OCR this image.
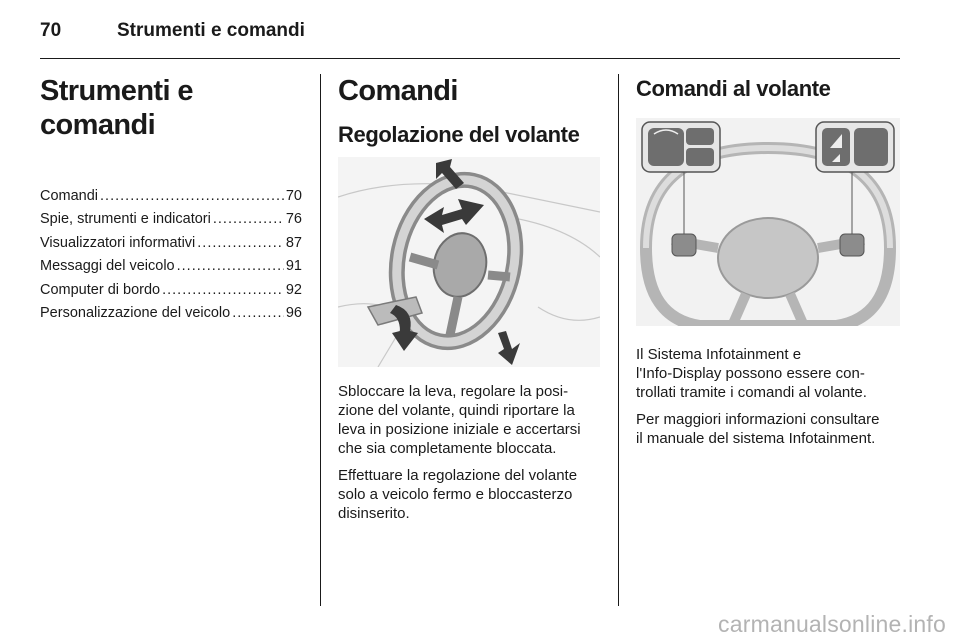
70	Strumenti e comandi
Strumenti e comandi
Comandi .....	70
Spie, strumenti e indicatori .....	76
Visualizzatori informativi .....	87
Messaggi del veicolo .....	91
Computer di bordo .....	92
Personalizzazione del veicolo .....	96
Comandi
Regolazione del volante

Sbloccare la leva, regolare la posi-
zione del volante, quindi riportare la
leva in posizione iniziale e accertarsi
che sia completamente bloccata.

Effettuare la regolazione del volante
solo a veicolo fermo e bloccasterzo
disinserito.

Comandi al volante

Il Sistema Infotainment e
l'Info-Display possono essere con-
trollati tramite i comandi al volante.

Per maggiori informazioni consultare
il manuale del sistema Infotainment.

carmanualsonline.info
